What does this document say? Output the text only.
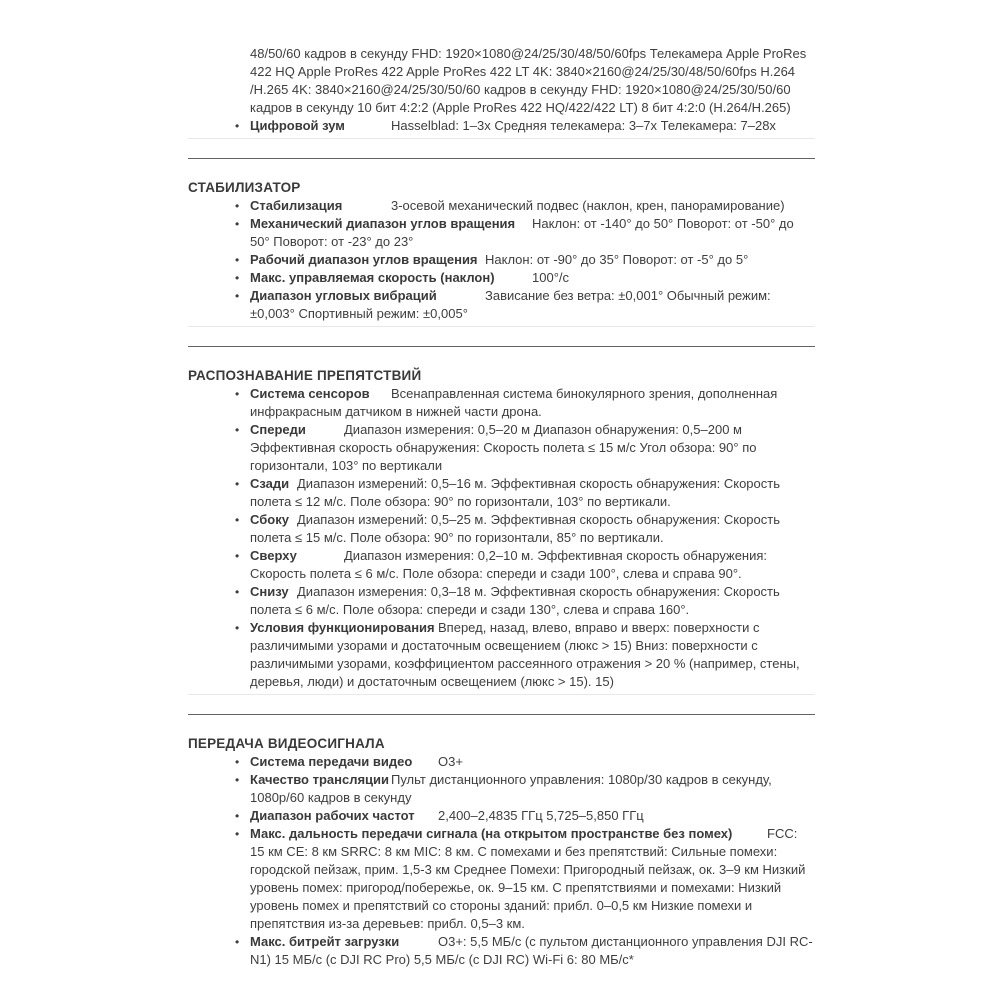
48/50/60 кадров в секунду FHD: 1920×1080@24/25/30/48/50/60fps Телекамера Apple ProRes 422 HQ Apple ProRes 422 Apple ProRes 422 LT 4K: 3840×2160@24/25/30/48/50/60fps H.264 /H.265 4K: 3840×2160@24/25/30/50/60 кадров в секунду FHD: 1920×1080@24/25/30/50/60 кадров в секунду 10 бит 4:2:2 (Apple ProRes 422 HQ/422/422 LT) 8 бит 4:2:0 (H.264/H.265)

• Цифровой зум		Hasselblad: 1–3x Средняя телекамера: 3–7x Телекамера: 7–28x
СТАБИЛИЗАТОР
• Стабилизация		3-осевой механический подвес (наклон, крен, панорамирование)
• Механический диапазон углов вращения	Наклон: от -140° до 50° Поворот: от -50° до 50° Поворот: от -23° до 23°
• Рабочий диапазон углов вращения	Наклон: от -90° до 35° Поворот: от -5° до 5°
• Макс. управляемая скорость (наклон)		100°/с
• Диапазон угловых вибраций		Зависание без ветра: ±0,001° Обычный режим: ±0,003° Спортивный режим: ±0,005°
РАСПОЗНАВАНИЕ ПРЕПЯТСТВИЙ
• Система сенсоров	Всенаправленная система бинокулярного зрения, дополненная инфракрасным датчиком в нижней части дрона.
• Спереди		Диапазон измерения: 0,5–20 м Диапазон обнаружения: 0,5–200 м Эффективная скорость обнаружения: Скорость полета ≤ 15 м/с Угол обзора: 90° по горизонтали, 103° по вертикали
• Сзади	Диапазон измерений: 0,5–16 м. Эффективная скорость обнаружения: Скорость полета ≤ 12 м/с. Поле обзора: 90° по горизонтали, 103° по вертикали.
• Сбоку	Диапазон измерений: 0,5–25 м. Эффективная скорость обнаружения: Скорость полета ≤ 15 м/с. Поле обзора: 90° по горизонтали, 85° по вертикали.
• Сверху		Диапазон измерения: 0,2–10 м. Эффективная скорость обнаружения: Скорость полета ≤ 6 м/с. Поле обзора: спереди и сзади 100°, слева и справа 90°.
• Снизу	Диапазон измерения: 0,3–18 м. Эффективная скорость обнаружения: Скорость полета ≤ 6 м/с. Поле обзора: спереди и сзади 130°, слева и справа 160°.
• Условия функционирования	Вперед, назад, влево, вправо и вверх: поверхности с различимыми узорами и достаточным освещением (люкс > 15) Вниз: поверхности с различимыми узорами, коэффициентом рассеянного отражения > 20 % (например, стены, деревья, люди) и достаточным освещением (люкс > 15). 15)
ПЕРЕДАЧА ВИДЕОСИГНАЛА
• Система передачи видео	O3+
• Качество трансляции	Пульт дистанционного управления: 1080p/30 кадров в секунду, 1080p/60 кадров в секунду
• Диапазон рабочих частот	2,400–2,4835 ГГц 5,725–5,850 ГГц
• Макс. дальность передачи сигнала (на открытом пространстве без помех)		FCC: 15 км CE: 8 км SRRC: 8 км MIC: 8 км. С помехами и без препятствий: Сильные помехи: городской пейзаж, прим. 1,5-3 км Среднее Помехи: Пригородный пейзаж, ок. 3–9 км Низкий уровень помех: пригород/побережье, ок. 9–15 км. С препятствиями и помехами: Низкий уровень помех и препятствий со стороны зданий: прибл. 0–0,5 км Низкие помехи и препятствия из-за деревьев: прибл. 0,5–3 км.
• Макс. битрейт загрузки		O3+: 5,5 МБ/с (с пультом дистанционного управления DJI RC-N1) 15 МБ/с (с DJI RC Pro) 5,5 МБ/с (с DJI RC) Wi-Fi 6: 80 МБ/с*
